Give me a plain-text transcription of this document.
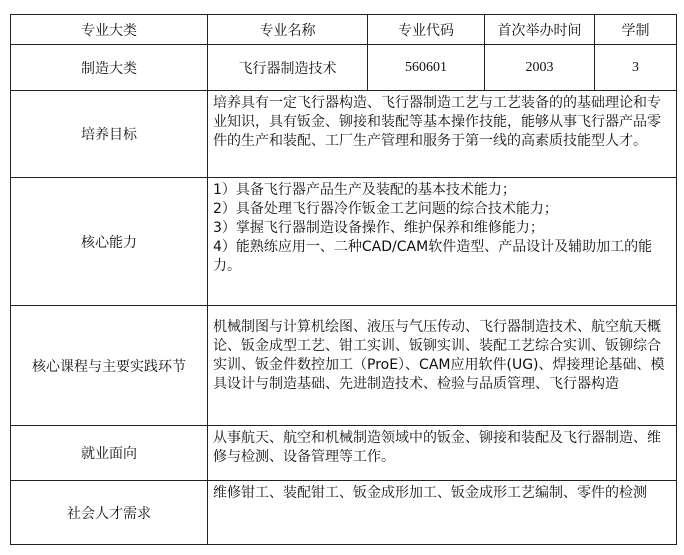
专业大类	专业名称	专业代码	首次举办时间	学制
制造大类	飞行器制造技术	560601	2003	3
培养目标	培养具有一定飞行器构造、飞行器制造工艺与工艺装备的的基础理论和专业知识，具有钣金、铆接和装配等基本操作技能，能够从事飞行器产品零件的生产和装配、工厂生产管理和服务于第一线的高素质技能型人才。			
核心能力	1）具备飞行器产品生产及装配的基本技术能力；
2）具备处理飞行器冷作钣金工艺问题的综合技术能力；
3）掌握飞行器制造设备操作、维护保养和维修能力；
4）能熟练应用一、二种CAD/CAM软件造型、产品设计及辅助加工的能力。			

核心课程与主要实践环节	机械制图与计算机绘图、液压与气压传动、飞行器制造技术、航空航天概论、钣金成型工艺、钳工实训、钣铆实训、装配工艺综合实训、钣铆综合实训、钣金件数控加工（ProE）、CAM应用软件(UG)、焊接理论基础、模具设计与制造基础、先进制造技术、检验与品质管理、飞行器构造			
就业面向	从事航天、航空和机械制造领域中的钣金、铆接和装配及飞行器制造、维修与检测、设备管理等工作。			
社会人才需求	维修钳工、装配钳工、钣金成形加工、钣金成形工艺编制、零件的检测			
